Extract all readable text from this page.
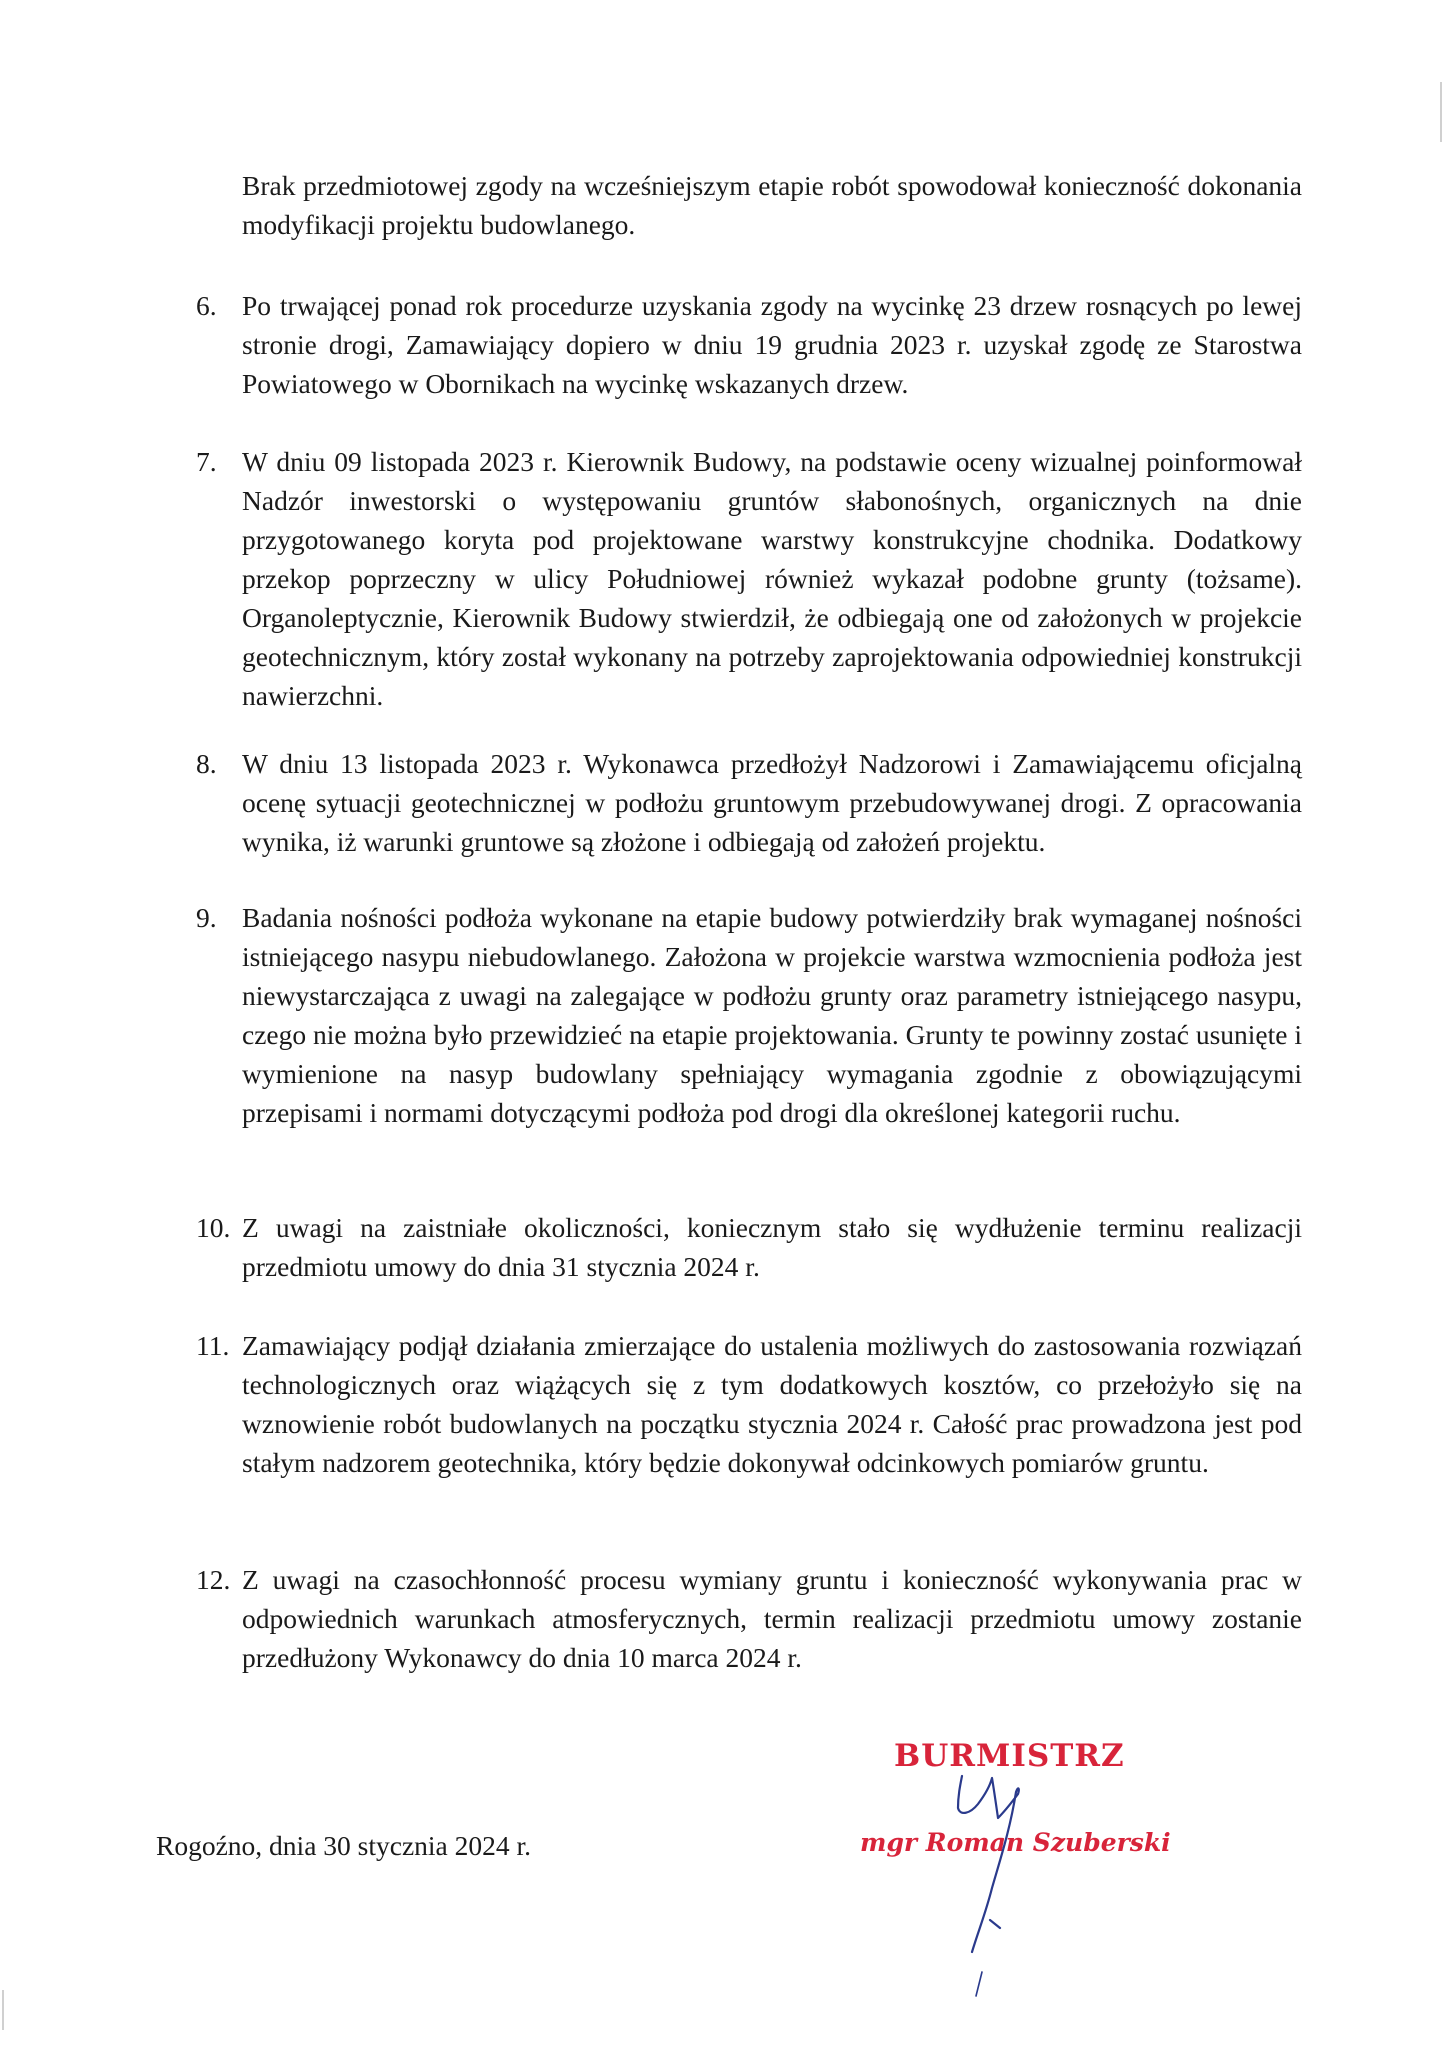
Brak przedmiotowej zgody na wcześniejszym etapie robót spowodował konieczność dokonania modyfikacji projektu budowlanego.

6. Po trwającej ponad rok procedurze uzyskania zgody na wycinkę 23 drzew rosnących po lewej stronie drogi, Zamawiający dopiero w dniu 19 grudnia 2023 r. uzyskał zgodę ze Starostwa Powiatowego w Obornikach na wycinkę wskazanych drzew.

7. W dniu 09 listopada 2023 r. Kierownik Budowy, na podstawie oceny wizualnej poinformował Nadzór inwestorski o występowaniu gruntów słabonośnych, organicznych na dnie przygotowanego koryta pod projektowane warstwy konstrukcyjne chodnika. Dodatkowy przekop poprzeczny w ulicy Południowej również wykazał podobne grunty (tożsame). Organoleptycznie, Kierownik Budowy stwierdził, że odbiegają one od założonych w projekcie geotechnicznym, który został wykonany na potrzeby zaprojektowania odpowiedniej konstrukcji nawierzchni.

8. W dniu 13 listopada 2023 r. Wykonawca przedłożył Nadzorowi i Zamawiającemu oficjalną ocenę sytuacji geotechnicznej w podłożu gruntowym przebudowywanej drogi. Z opracowania wynika, iż warunki gruntowe są złożone i odbiegają od założeń projektu.

9. Badania nośności podłoża wykonane na etapie budowy potwierdziły brak wymaganej nośności istniejącego nasypu niebudowlanego. Założona w projekcie warstwa wzmocnienia podłoża jest niewystarczająca z uwagi na zalegające w podłożu grunty oraz parametry istniejącego nasypu, czego nie można było przewidzieć na etapie projektowania. Grunty te powinny zostać usunięte i wymienione na nasyp budowlany spełniający wymagania zgodnie z obowiązującymi przepisami i normami dotyczącymi podłoża pod drogi dla określonej kategorii ruchu.

10. Z uwagi na zaistniałe okoliczności, koniecznym stało się wydłużenie terminu realizacji przedmiotu umowy do dnia 31 stycznia 2024 r.

11. Zamawiający podjął działania zmierzające do ustalenia możliwych do zastosowania rozwiązań technologicznych oraz wiążących się z tym dodatkowych kosztów, co przełożyło się na wznowienie robót budowlanych na początku stycznia 2024 r. Całość prac prowadzona jest pod stałym nadzorem geotechnika, który będzie dokonywał odcinkowych pomiarów gruntu.

12. Z uwagi na czasochłonność procesu wymiany gruntu i konieczność wykonywania prac w odpowiednich warunkach atmosferycznych, termin realizacji przedmiotu umowy zostanie przedłużony Wykonawcy do dnia 10 marca 2024 r.

Rogoźno, dnia 30 stycznia 2024 r.
BURMISTRZ
mgr Roman Szuberski
